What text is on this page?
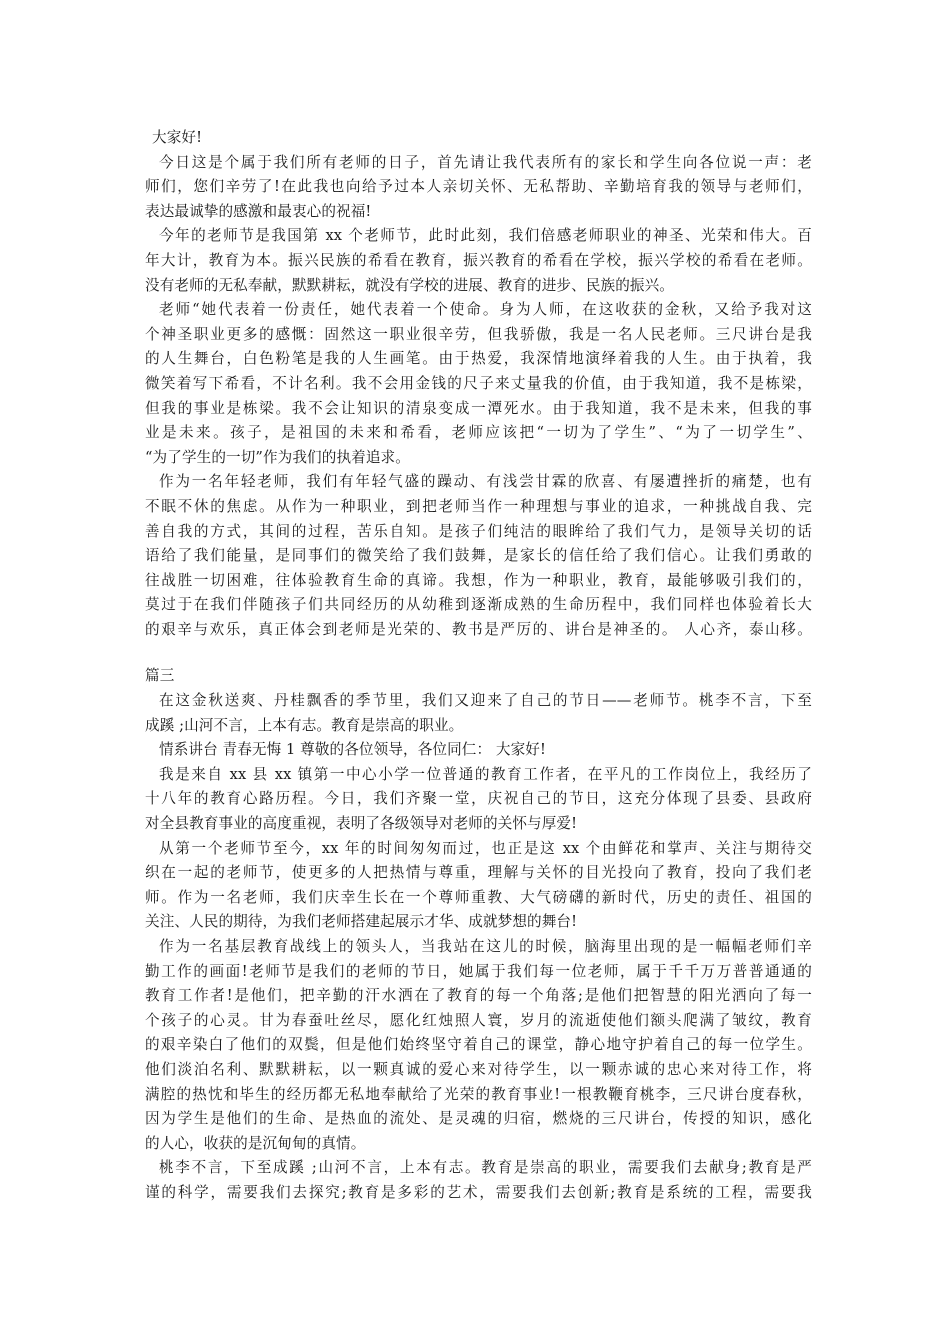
大家好!
今日这是个属于我们所有老师的日子，首先请让我代表所有的家长和学生向各位说一声：老
师们，您们辛劳了!在此我也向给予过本人亲切关怀、无私帮助、辛勤培育我的领导与老师们，
表达最诚挚的感激和最衷心的祝福!
今年的老师节是我国第 xx 个老师节，此时此刻，我们倍感老师职业的神圣、光荣和伟大。百
年大计，教育为本。振兴民族的希看在教育，振兴教育的希看在学校，振兴学校的希看在老师。
没有老师的无私奉献，默默耕耘，就没有学校的进展、教育的进步、民族的振兴。
老师“她代表着一份责任，她代表着一个使命。身为人师，在这收获的金秋，又给予我对这
个神圣职业更多的感慨：固然这一职业很辛劳，但我骄傲，我是一名人民老师。三尺讲台是我
的人生舞台，白色粉笔是我的人生画笔。由于热爱，我深情地演绎着我的人生。由于执着，我
微笑着写下希看，不计名利。我不会用金钱的尺子来丈量我的价值，由于我知道，我不是栋梁，
但我的事业是栋梁。我不会让知识的清泉变成一潭死水。由于我知道，我不是未来，但我的事
业是未来。孩子，是祖国的未来和希看，老师应该把“一切为了学生”、“为了一切学生”、
“为了学生的一切”作为我们的执着追求。
作为一名年轻老师，我们有年轻气盛的躁动、有浅尝甘霖的欣喜、有屡遭挫折的痛楚，也有
不眠不休的焦虑。从作为一种职业，到把老师当作一种理想与事业的追求，一种挑战自我、完
善自我的方式，其间的过程，苦乐自知。是孩子们纯洁的眼眸给了我们气力，是领导关切的话
语给了我们能量，是同事们的微笑给了我们鼓舞，是家长的信任给了我们信心。让我们勇敢的
往战胜一切困难，往体验教育生命的真谛。我想，作为一种职业，教育，最能够吸引我们的，
莫过于在我们伴随孩子们共同经历的从幼稚到逐渐成熟的生命历程中，我们同样也体验着长大
的艰辛与欢乐，真正体会到老师是光荣的、教书是严厉的、讲台是神圣的。 人心齐，泰山移。
篇三
在这金秋送爽、丹桂飘香的季节里，我们又迎来了自己的节日——老师节。桃李不言，下至
成蹊 ;山河不言，上本有志。教育是崇高的职业。
情系讲台 青春无悔 1 尊敬的各位领导，各位同仁： 大家好!
我是来自 xx 县 xx 镇第一中心小学一位普通的教育工作者，在平凡的工作岗位上，我经历了
十八年的教育心路历程。今日，我们齐聚一堂，庆祝自己的节日，这充分体现了县委、县政府
对全县教育事业的高度重视，表明了各级领导对老师的关怀与厚爱!
从第一个老师节至今，xx 年的时间匆匆而过，也正是这 xx 个由鲜花和掌声、关注与期待交
织在一起的老师节，使更多的人把热情与尊重，理解与关怀的目光投向了教育，投向了我们老
师。作为一名老师，我们庆幸生长在一个尊师重教、大气磅礴的新时代，历史的责任、祖国的
关注、人民的期待，为我们老师搭建起展示才华、成就梦想的舞台!
作为一名基层教育战线上的领头人，当我站在这儿的时候，脑海里出现的是一幅幅老师们辛
勤工作的画面!老师节是我们的老师的节日，她属于我们每一位老师，属于千千万万普普通通的
教育工作者!是他们，把辛勤的汗水洒在了教育的每一个角落;是他们把智慧的阳光洒向了每一
个孩子的心灵。甘为春蚕吐丝尽，愿化红烛照人寰，岁月的流逝使他们额头爬满了皱纹，教育
的艰辛染白了他们的双鬓，但是他们始终坚守着自己的课堂，静心地守护着自己的每一位学生。
他们淡泊名利、默默耕耘，以一颗真诚的爱心来对待学生，以一颗赤诚的忠心来对待工作，将
满腔的热忱和毕生的经历都无私地奉献给了光荣的教育事业!一根教鞭育桃李，三尺讲台度春秋，
因为学生是他们的生命、是热血的流处、是灵魂的归宿，燃烧的三尺讲台，传授的知识，感化
的人心，收获的是沉甸甸的真情。
桃李不言，下至成蹊 ;山河不言，上本有志。教育是崇高的职业，需要我们去献身;教育是严
谨的科学，需要我们去探究;教育是多彩的艺术，需要我们去创新;教育是系统的工程，需要我
